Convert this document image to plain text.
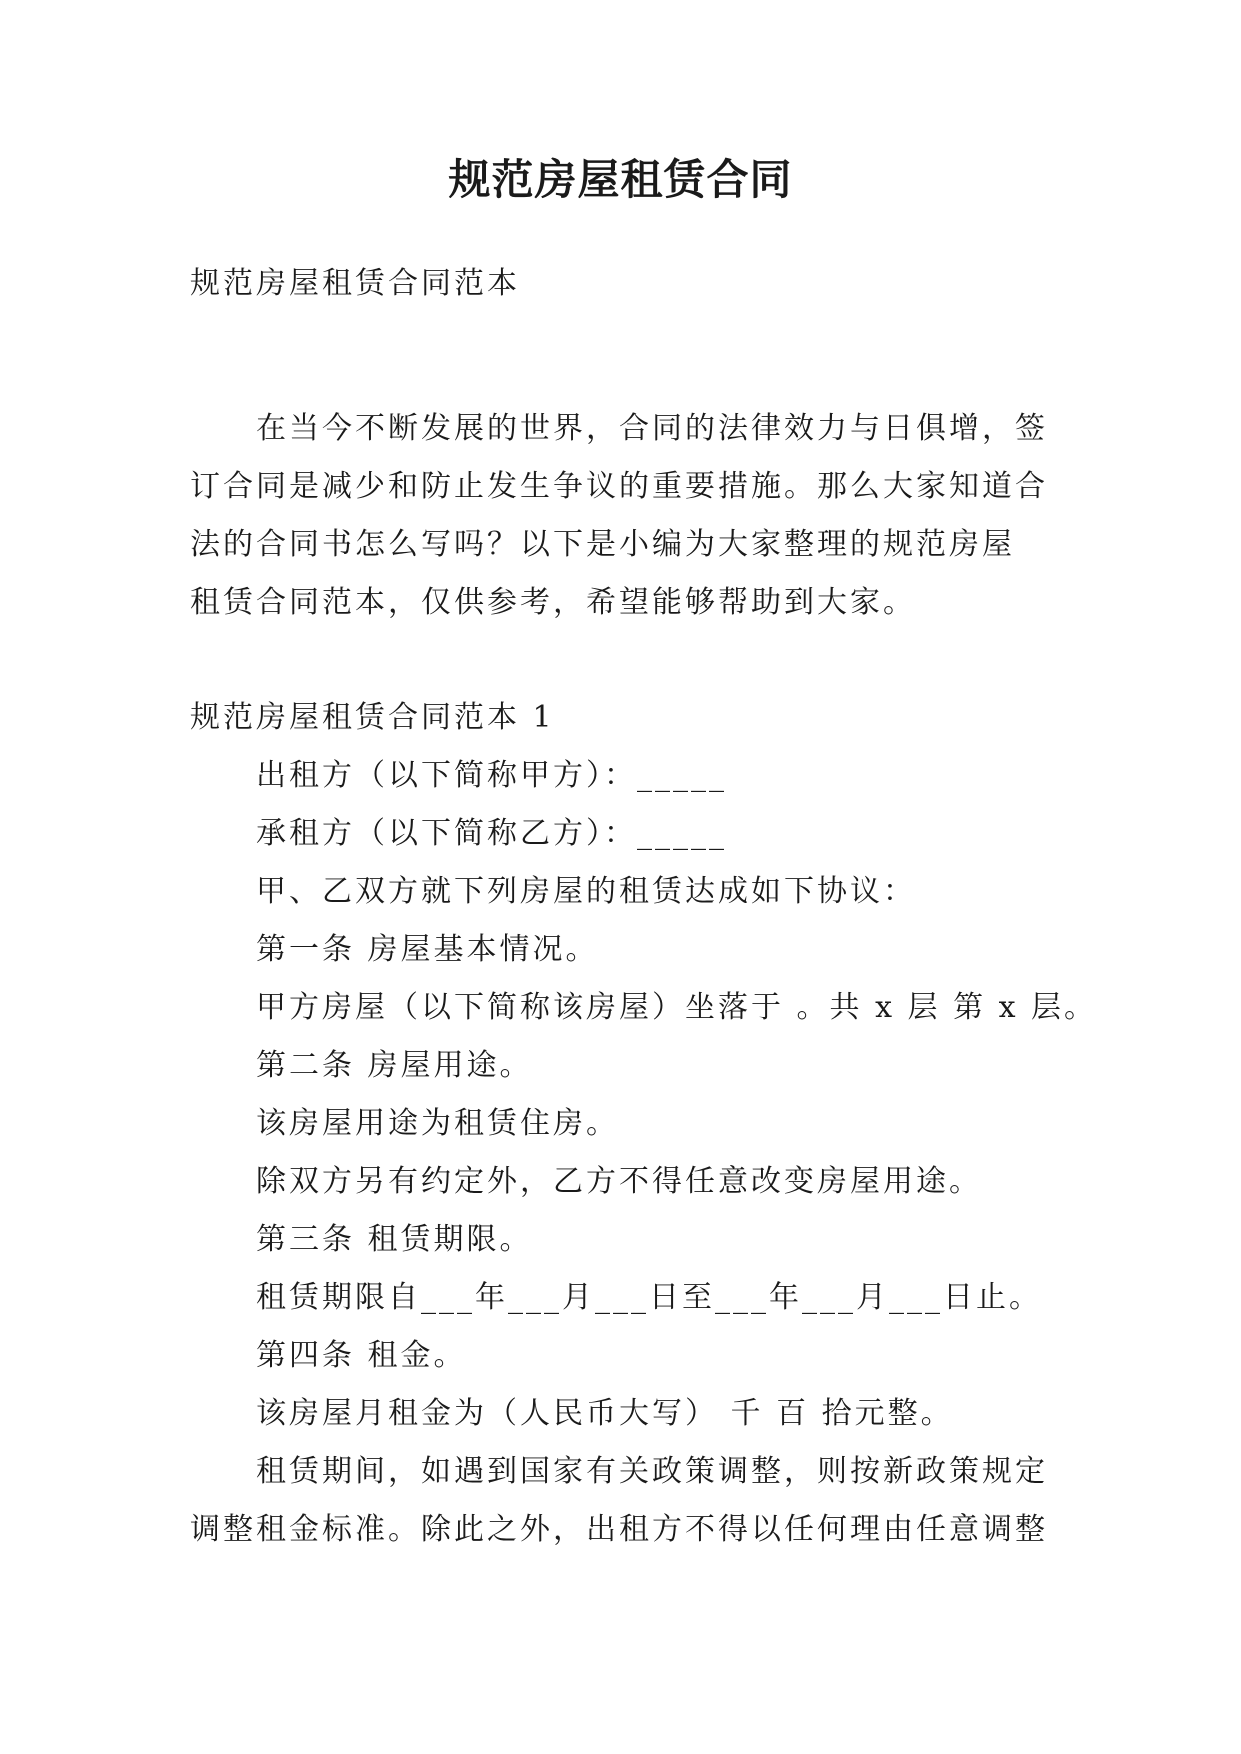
规范房屋租赁合同

规范房屋租赁合同范本

在当今不断发展的世界，合同的法律效力与日俱增，签

订合同是减少和防止发生争议的重要措施。那么大家知道合

法的合同书怎么写吗？以下是小编为大家整理的规范房屋

租赁合同范本，仅供参考，希望能够帮助到大家。

规范房屋租赁合同范本 1

出租方（以下简称甲方）：_____

承租方（以下简称乙方）：_____

甲、乙双方就下列房屋的租赁达成如下协议：

第一条 房屋基本情况。

甲方房屋（以下简称该房屋）坐落于 。共 x 层 第 x 层。

第二条 房屋用途。

该房屋用途为租赁住房。

除双方另有约定外，乙方不得任意改变房屋用途。

第三条 租赁期限。

租赁期限自___年___月___日至___年___月___日止。

第四条 租金。

该房屋月租金为（人民币大写） 千 百 拾元整。

租赁期间，如遇到国家有关政策调整，则按新政策规定

调整租金标准。除此之外，出租方不得以任何理由任意调整
